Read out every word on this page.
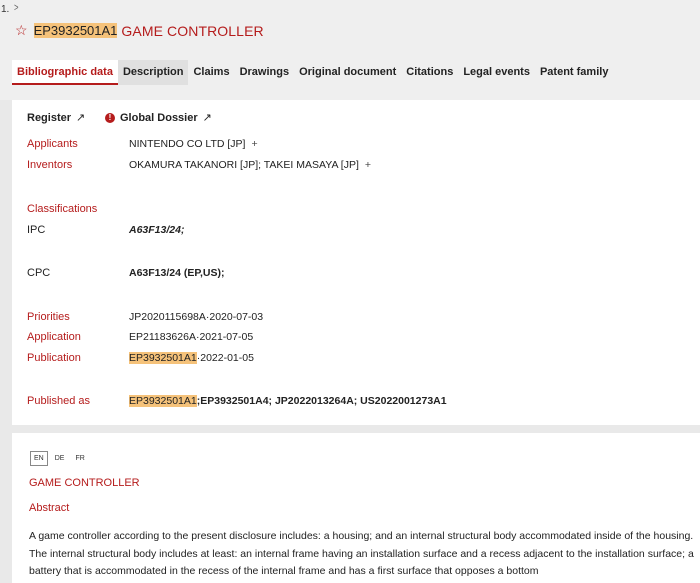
1. >
☆ EP3932501A1 GAME CONTROLLER
Bibliographic data Description Claims Drawings Original document Citations Legal events Patent family
Register ↗	! Global Dossier ↗
Applicants	NINTENDO CO LTD [JP] +
Inventors	OKAMURA TAKANORI [JP]; TAKEI MASAYA [JP] +
Classifications
IPC	A63F13/24;
CPC	A63F13/24 (EP,US);
Priorities	JP2020115698A·2020-07-03
Application	EP21183626A·2021-07-05
Publication	EP3932501A1·2022-01-05
Published as	EP3932501A1;EP3932501A4; JP2022013264A; US2022001273A1
EN	DE	FR
GAME CONTROLLER
Abstract
A game controller according to the present disclosure includes: a housing; and an internal structural body accommodated inside of the housing. The internal structural body includes at least: an internal frame having an installation surface and a recess adjacent to the installation surface; a battery that is accommodated in the recess of the internal frame and has a first surface that opposes a bottom
